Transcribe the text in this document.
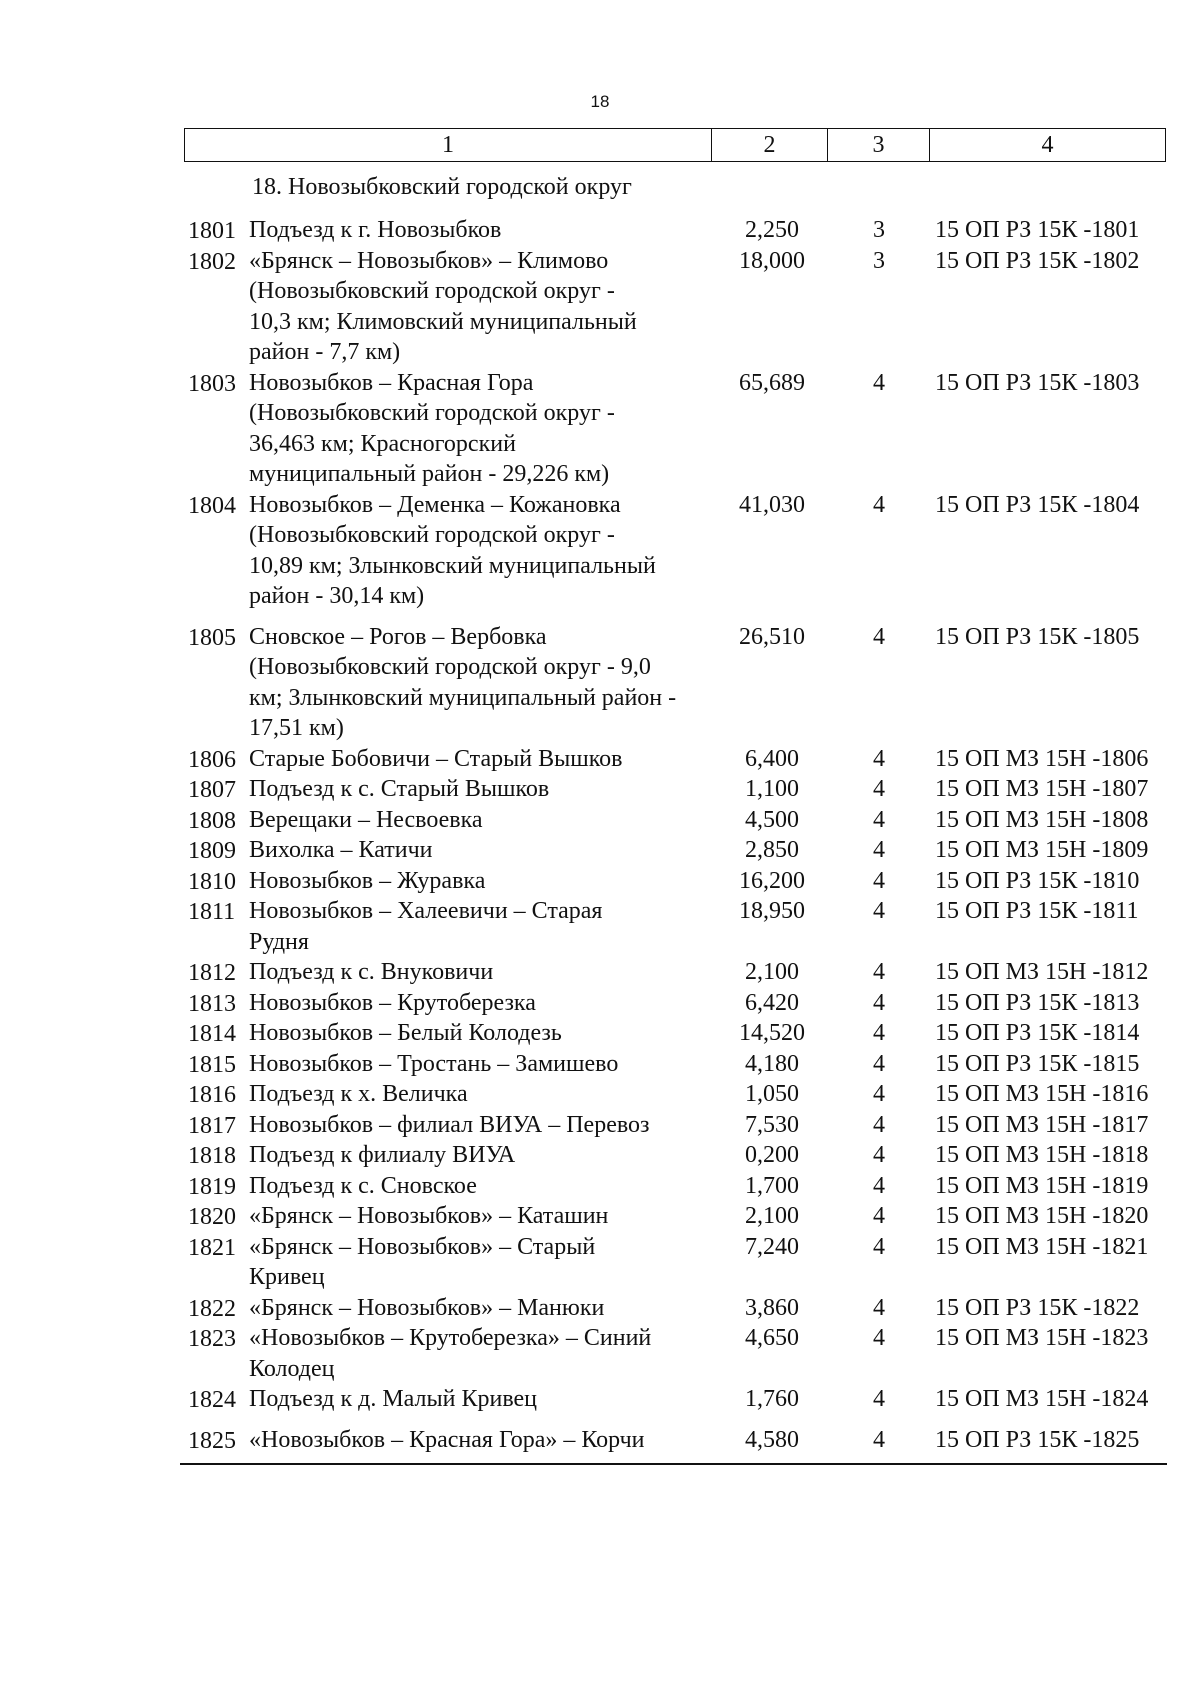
18
1	2	3	4
18. Новозыбковский городской округ
1801 Подъезд к г. Новозыбков	2,250	3	15 ОП РЗ 15К -1801
1802 «Брянск – Новозыбков» – Климово
(Новозыбковский городской округ -
10,3 км; Климовский муниципальный
район - 7,7 км)
18,000	3	15 ОП РЗ 15К -1802
1803 Новозыбков – Красная Гора
(Новозыбковский городской округ -
36,463 км; Красногорский
муниципальный район - 29,226 км)
65,689	4	15 ОП РЗ 15К -1803
1804 Новозыбков – Деменка – Кожановка
(Новозыбковский городской округ -
10,89 км; Злынковский муниципальный
район - 30,14 км)
41,030	4	15 ОП РЗ 15К -1804
1805 Сновское – Рогов – Вербовка
(Новозыбковский городской округ - 9,0
км; Злынковский муниципальный район -
17,51 км)
26,510	4	15 ОП РЗ 15К -1805
1806 Старые Бобовичи – Старый Вышков	6,400	4	15 ОП МЗ 15Н -1806
1807 Подъезд к с. Старый Вышков	1,100	4	15 ОП МЗ 15Н -1807
1808 Верещаки – Несвоевка	4,500	4	15 ОП МЗ 15Н -1808
1809 Вихолка – Катичи	2,850	4	15 ОП МЗ 15Н -1809
1810 Новозыбков – Журавка	16,200	4	15 ОП РЗ 15К -1810
1811 Новозыбков – Халеевичи – Старая
Рудня
18,950	4	15 ОП РЗ 15К -1811
1812 Подъезд к с. Внуковичи	2,100	4	15 ОП МЗ 15Н -1812
1813 Новозыбков – Крутоберезка	6,420	4	15 ОП РЗ 15К -1813
1814 Новозыбков – Белый Колодезь	14,520	4	15 ОП РЗ 15К -1814
1815 Новозыбков – Тростань – Замишево	4,180	4	15 ОП РЗ 15К -1815
1816 Подъезд к х. Величка	1,050	4	15 ОП МЗ 15Н -1816
1817 Новозыбков – филиал ВИУА – Перевоз	7,530	4	15 ОП МЗ 15Н -1817
1818 Подъезд к филиалу ВИУА	0,200	4	15 ОП МЗ 15Н -1818
1819 Подъезд к с. Сновское	1,700	4	15 ОП МЗ 15Н -1819
1820 «Брянск – Новозыбков» – Каташин	2,100	4	15 ОП МЗ 15Н -1820
1821 «Брянск – Новозыбков» – Старый
Кривец
7,240	4	15 ОП МЗ 15Н -1821
1822 «Брянск – Новозыбков» – Манюки	3,860	4	15 ОП РЗ 15К -1822
1823 «Новозыбков – Крутоберезка» – Синий
Колодец
4,650	4	15 ОП МЗ 15Н -1823
1824 Подъезд к д. Малый Кривец	1,760	4	15 ОП МЗ 15Н -1824
1825 «Новозыбков – Красная Гора» – Корчи	4,580	4	15 ОП РЗ 15К -1825
